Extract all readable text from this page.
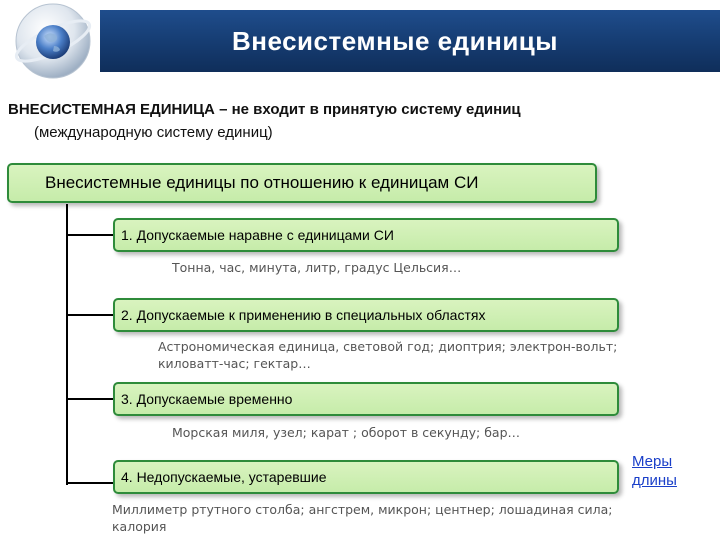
Внесистемные единицы
ВНЕСИСТЕМНАЯ ЕДИНИЦА – не входит в принятую систему единиц
(международную систему единиц)
Внесистемные единицы по отношению к единицам СИ
1. Допускаемые наравне с единицами СИ
Тонна, час, минута, литр, градус Цельсия…
2. Допускаемые к применению в специальных областях
Астрономическая единица, световой год; диоптрия; электрон-вольт; киловатт-час; гектар…
3. Допускаемые временно
Морская миля, узел; карат ; оборот в секунду; бар…
4. Недопускаемые, устаревшие
Миллиметр ртутного столба; ангстрем, микрон; центнер; лошадиная сила; калория
Меры длины
